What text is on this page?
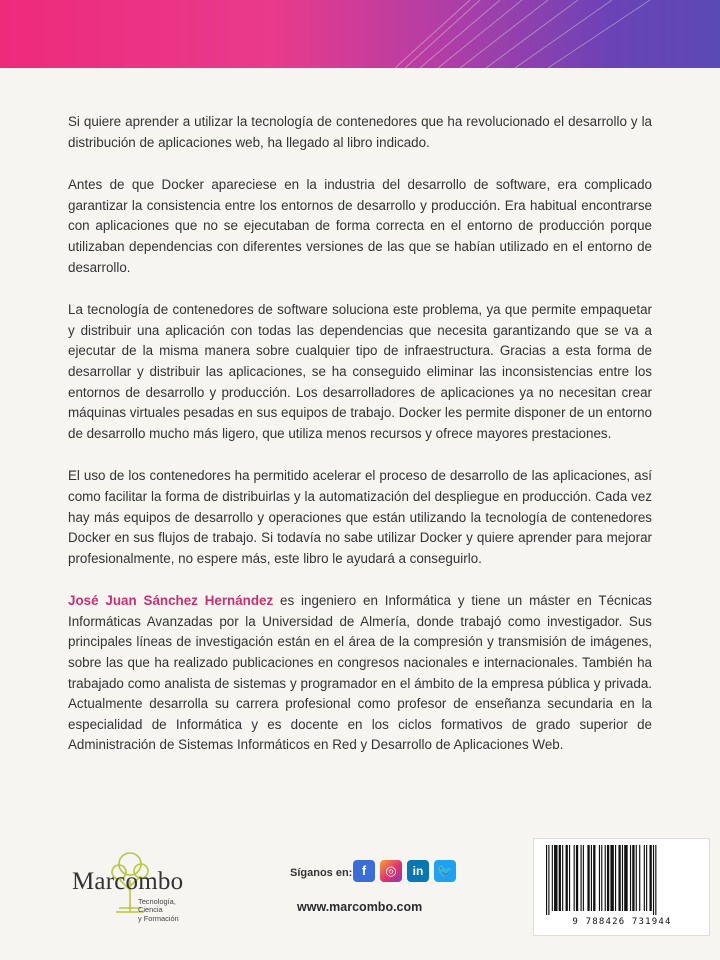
Si quiere aprender a utilizar la tecnología de contenedores que ha revolucionado el desarrollo y la distribución de aplicaciones web, ha llegado al libro indicado.

Antes de que Docker apareciese en la industria del desarrollo de software, era complicado garantizar la consistencia entre los entornos de desarrollo y producción. Era habitual encontrarse con aplicaciones que no se ejecutaban de forma correcta en el entorno de producción porque utilizaban dependencias con diferentes versiones de las que se habían utilizado en el entorno de desarrollo.

La tecnología de contenedores de software soluciona este problema, ya que permite empaquetar y distribuir una aplicación con todas las dependencias que necesita garantizando que se va a ejecutar de la misma manera sobre cualquier tipo de infraestructura. Gracias a esta forma de desarrollar y distribuir las aplicaciones, se ha conseguido eliminar las inconsistencias entre los entornos de desarrollo y producción. Los desarrolladores de aplicaciones ya no necesitan crear máquinas virtuales pesadas en sus equipos de trabajo. Docker les permite disponer de un entorno de desarrollo mucho más ligero, que utiliza menos recursos y ofrece mayores prestaciones.

El uso de los contenedores ha permitido acelerar el proceso de desarrollo de las aplicaciones, así como facilitar la forma de distribuirlas y la automatización del despliegue en producción. Cada vez hay más equipos de desarrollo y operaciones que están utilizando la tecnología de contenedores Docker en sus flujos de trabajo. Si todavía no sabe utilizar Docker y quiere aprender para mejorar profesionalmente, no espere más, este libro le ayudará a conseguirlo.

José Juan Sánchez Hernández es ingeniero en Informática y tiene un máster en Técnicas Informáticas Avanzadas por la Universidad de Almería, donde trabajó como investigador. Sus principales líneas de investigación están en el área de la compresión y transmisión de imágenes, sobre las que ha realizado publicaciones en congresos nacionales e internacionales. También ha trabajado como analista de sistemas y programador en el ámbito de la empresa pública y privada. Actualmente desarrolla su carrera profesional como profesor de enseñanza secundaria en la especialidad de Informática y es docente en los ciclos formativos de grado superior de Administración de Sistemas Informáticos en Red y Desarrollo de Aplicaciones Web.

Marcombo
Tecnología,
Ciencia
y Formación
Síganos en: f	◎	in	🐦
www.marcombo.com
9 788426 731944
